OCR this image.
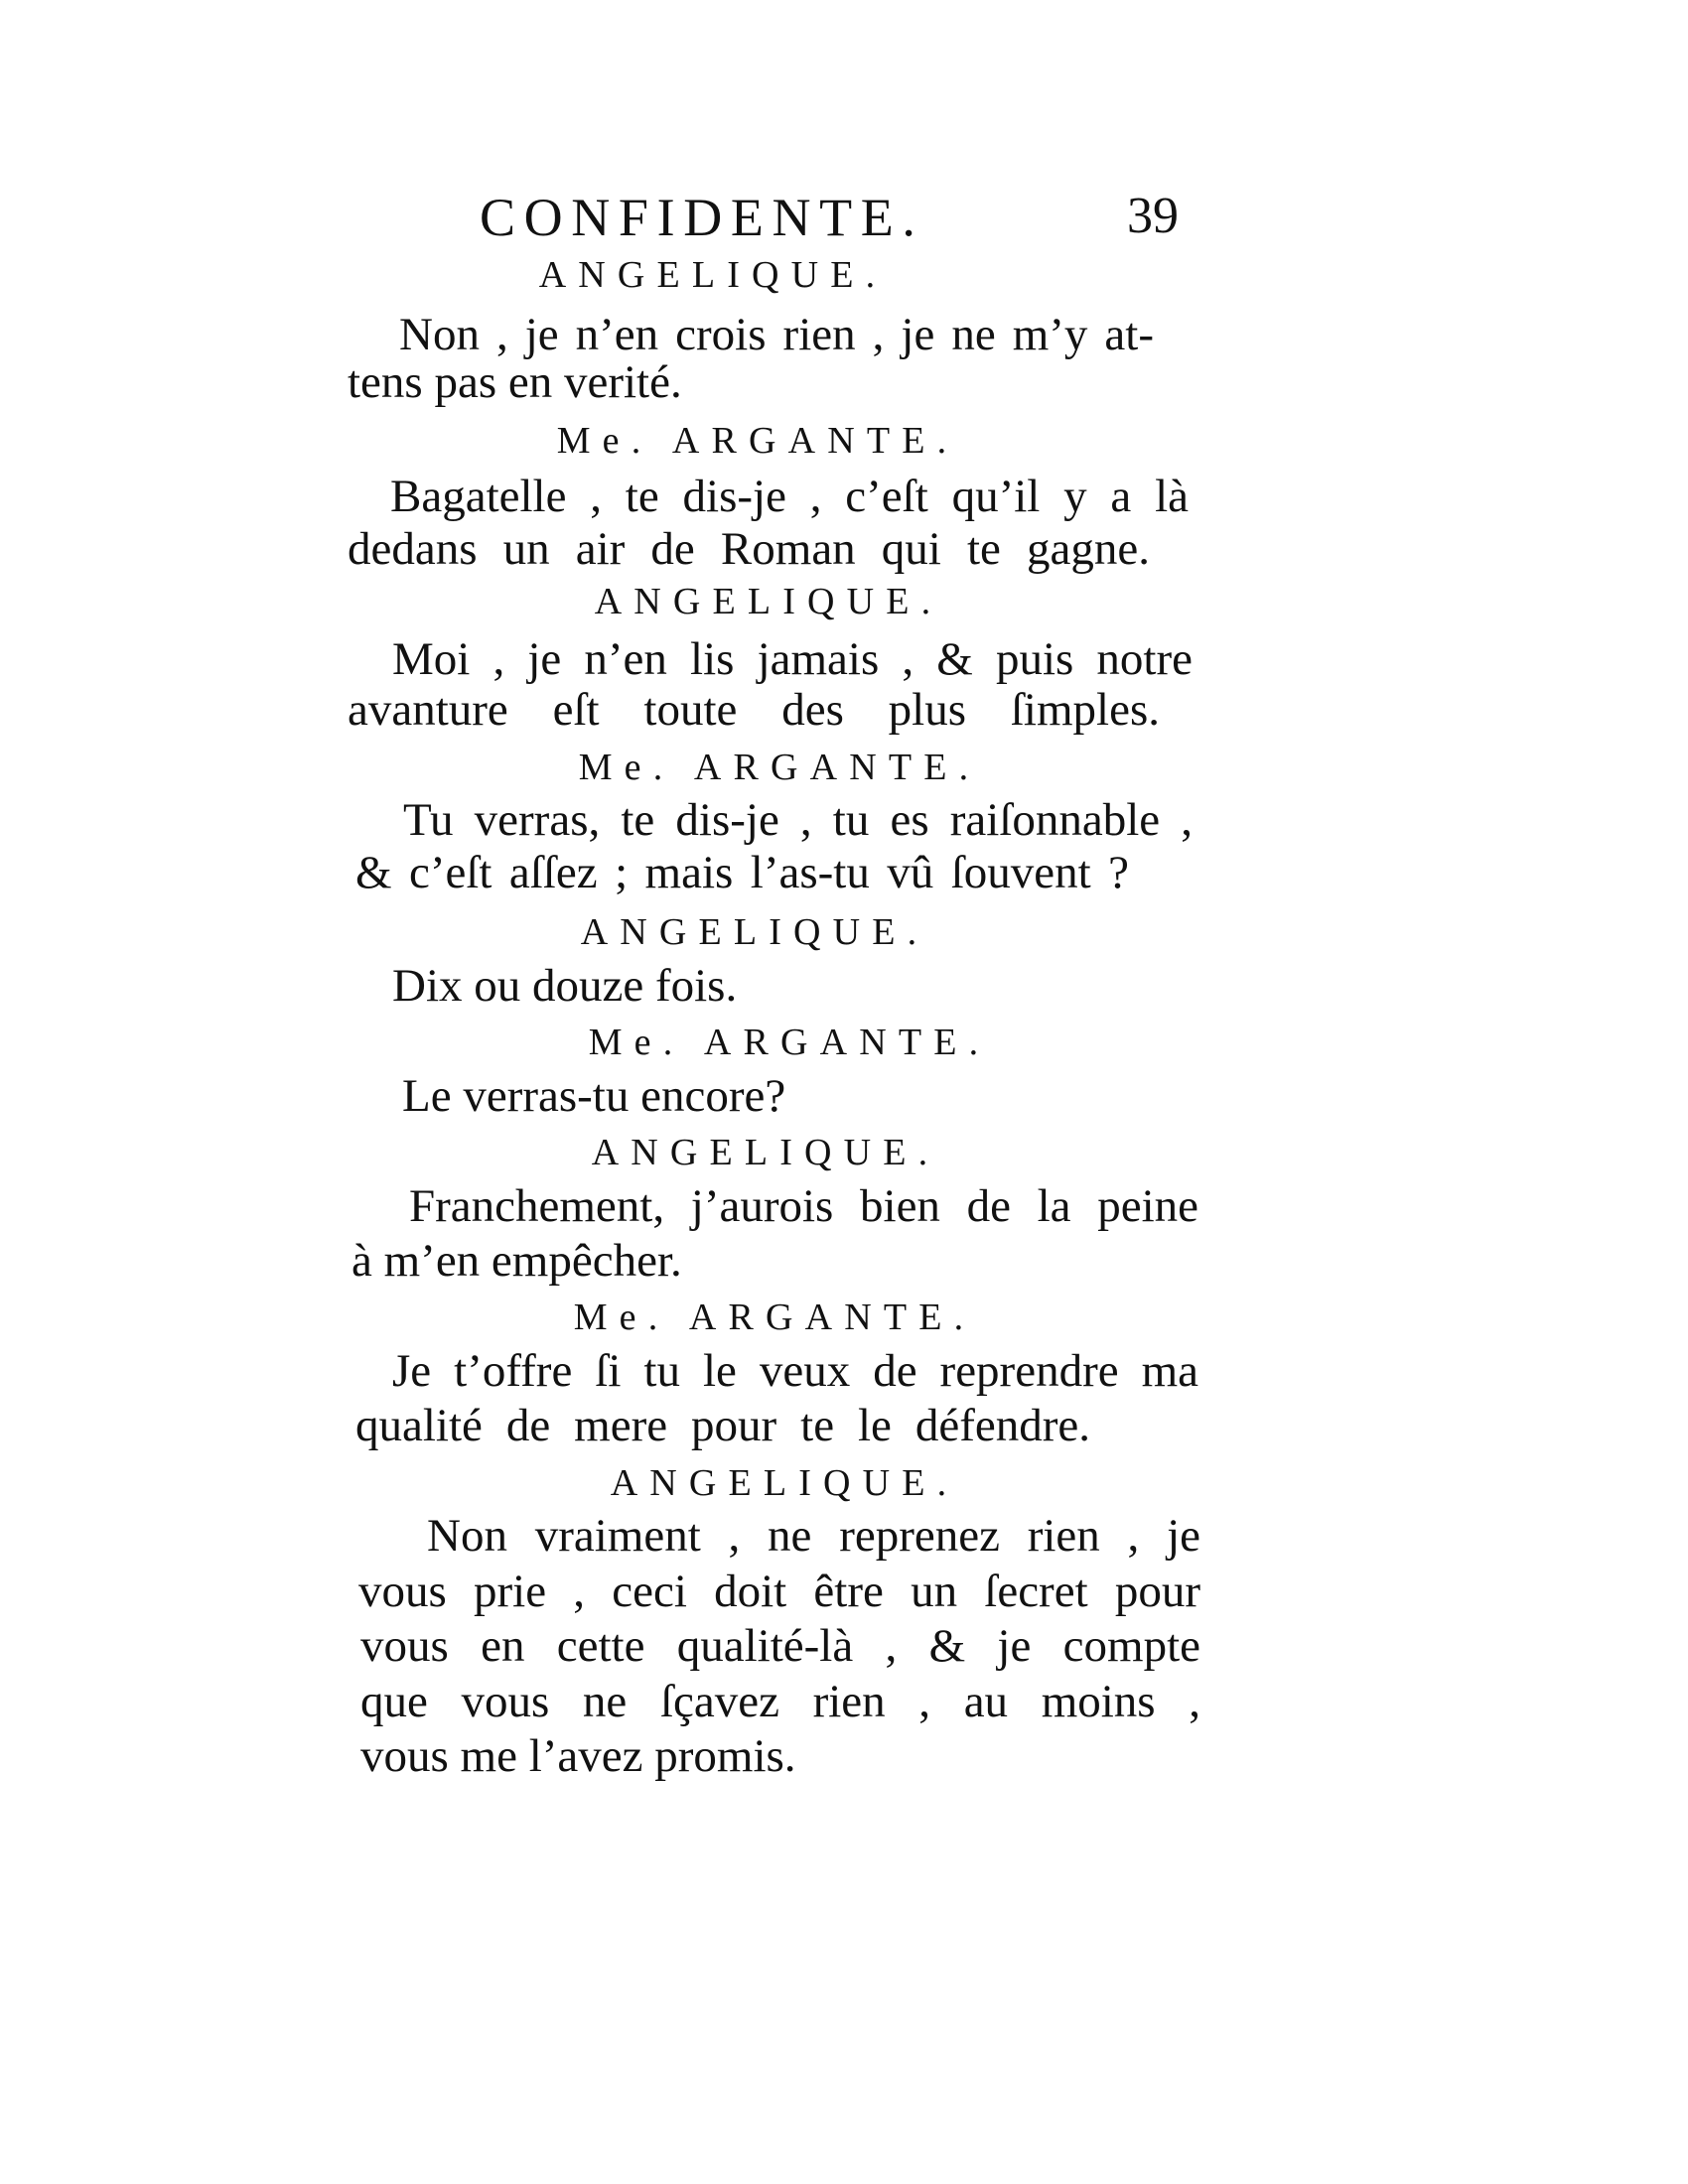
CONFIDENTE.	39
ANGELIQUE.
Non , je n’en crois rien , je ne m’y at-
tens pas en verité.
Me. ARGANTE.
Bagatelle , te dis-je , c’eſt qu’il y a là
dedans un air de Roman qui te gagne.
ANGELIQUE.
Moi , je n’en lis jamais , & puis notre
avanture eſt toute des plus ſimples.
Me. ARGANTE.
Tu verras, te dis-je , tu es raiſonnable ,
& c’eſt aſſez ; mais l’as-tu vû ſouvent ?
ANGELIQUE.
Dix ou douze fois.
Me. ARGANTE.
Le verras-tu encore?
ANGELIQUE.
Franchement, j’aurois bien de la peine
à m’en empêcher.
Me. ARGANTE.
Je t’offre ſi tu le veux de reprendre ma
qualité de mere pour te le défendre.
ANGELIQUE.
Non vraiment , ne reprenez rien , je
vous prie , ceci doit être un ſecret pour
vous en cette qualité-là , & je compte
que vous ne ſçavez rien , au moins ,
vous me l’avez promis.
